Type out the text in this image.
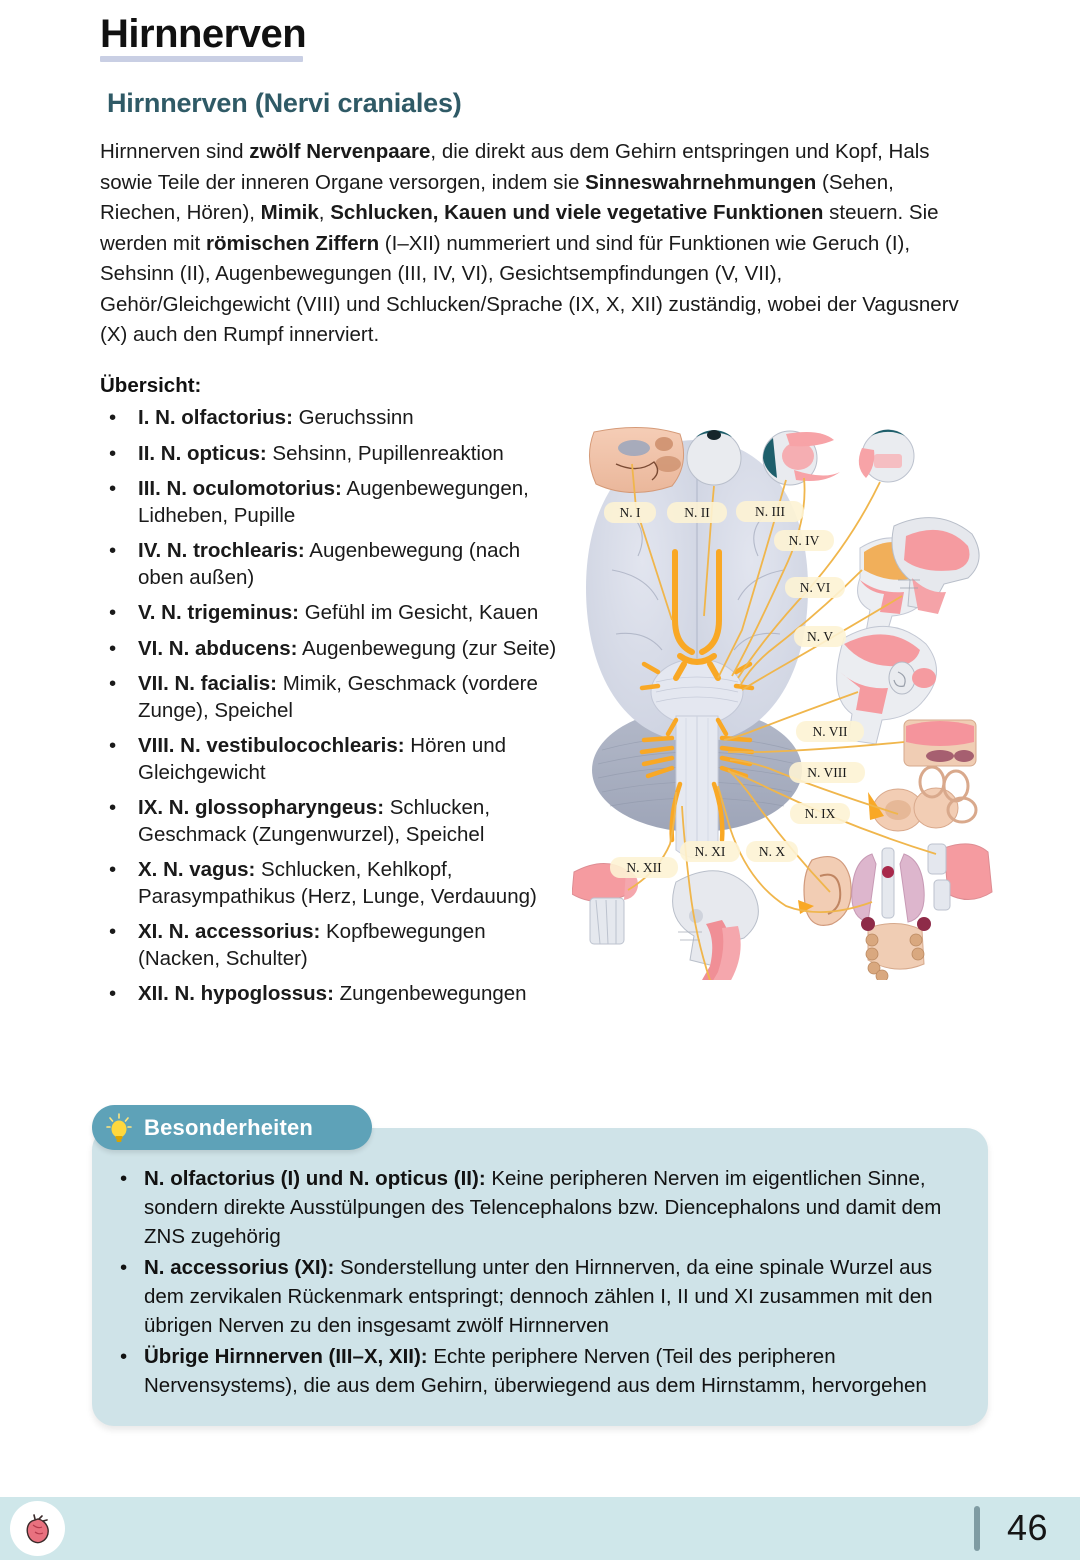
Hirnnerven
Hirnnerven (Nervi craniales)
Hirnnerven sind zwölf Nervenpaare, die direkt aus dem Gehirn entspringen und Kopf, Hals sowie Teile der inneren Organe versorgen, indem sie Sinneswahrnehmungen (Sehen, Riechen, Hören), Mimik, Schlucken, Kauen und viele vegetative Funktionen steuern. Sie werden mit römischen Ziffern (I–XII) nummeriert und sind für Funktionen wie Geruch (I), Sehsinn (II), Augenbewegungen (III, IV, VI), Gesichtsempfindungen (V, VII), Gehör/Gleichgewicht (VIII) und Schlucken/Sprache (IX, X, XII) zuständig, wobei der Vagusnerv (X) auch den Rumpf innerviert.
Übersicht:
• I. N. olfactorius: Geruchssinn
• II. N. opticus: Sehsinn, Pupillenreaktion
• III. N. oculomotorius: Augenbewegungen, Lidheben, Pupille
• IV. N. trochlearis: Augenbewegung (nach oben außen)
• V. N. trigeminus: Gefühl im Gesicht, Kauen
• VI. N. abducens: Augenbewegung (zur Seite)
• VII. N. facialis: Mimik, Geschmack (vordere Zunge), Speichel
• VIII. N. vestibulocochlearis: Hören und Gleichgewicht
• IX. N. glossopharyngeus: Schlucken, Geschmack (Zungenwurzel), Speichel
• X. N. vagus: Schlucken, Kehlkopf, Parasympathikus (Herz, Lunge, Verdauung)
• XI. N. accessorius: Kopfbewegungen (Nacken, Schulter)
• XII. N. hypoglossus: Zungenbewegungen
N. I	N. II	N. III
N. IV
N. VI
N. V
N. VII
N. VIII
N. IX
N. X
N. XI
N. XII
Besonderheiten
• N. olfactorius (I) und N. opticus (II): Keine peripheren Nerven im eigentlichen Sinne, sondern direkte Ausstülpungen des Telencephalons bzw. Diencephalons und damit dem ZNS zugehörig
• N. accessorius (XI): Sonderstellung unter den Hirnnerven, da eine spinale Wurzel aus dem zervikalen Rückenmark entspringt; dennoch zählen I, II und XI zusammen mit den übrigen Nerven zu den insgesamt zwölf Hirnnerven
• Übrige Hirnnerven (III–X, XII): Echte periphere Nerven (Teil des peripheren Nervensystems), die aus dem Gehirn, überwiegend aus dem Hirnstamm, hervorgehen
46
